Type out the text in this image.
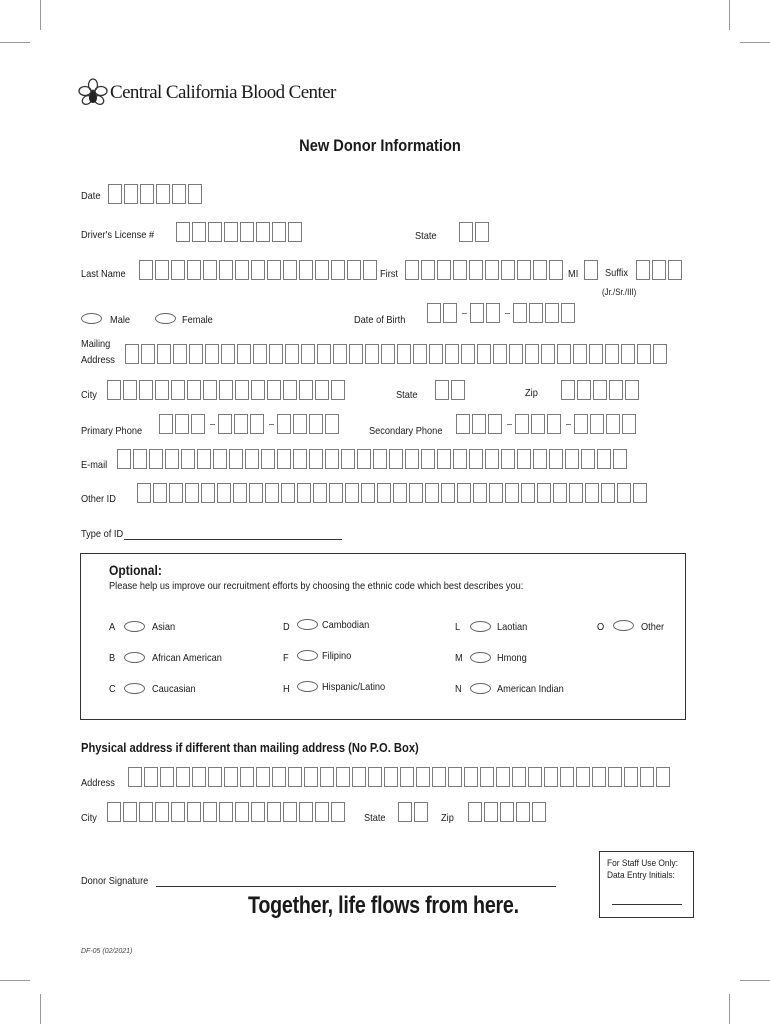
Central California Blood Center
New Donor Information
Date
Driver's License #	State
Last Name	First	MI	Suffix
(Jr./Sr./III)
Male	Female	Date of Birth
Mailing
Address
City	State	Zip
Primary Phone	Secondary Phone
E-mail
Other ID
Type of ID
Optional:
Please help us improve our recruitment efforts by choosing the ethnic code which best describes you:
A	Asian
B	African American
C	Caucasian
D	Cambodian
F	Filipino
H	Hispanic/Latino
L	Laotian
M	Hmong
N	American Indian
O	Other
Physical address if different than mailing address (No P.O. Box)
Address
City	State	Zip
Donor Signature
For Staff Use Only:
Data Entry Initials:
Together, life flows from here.
DF-05 (02/2021)
